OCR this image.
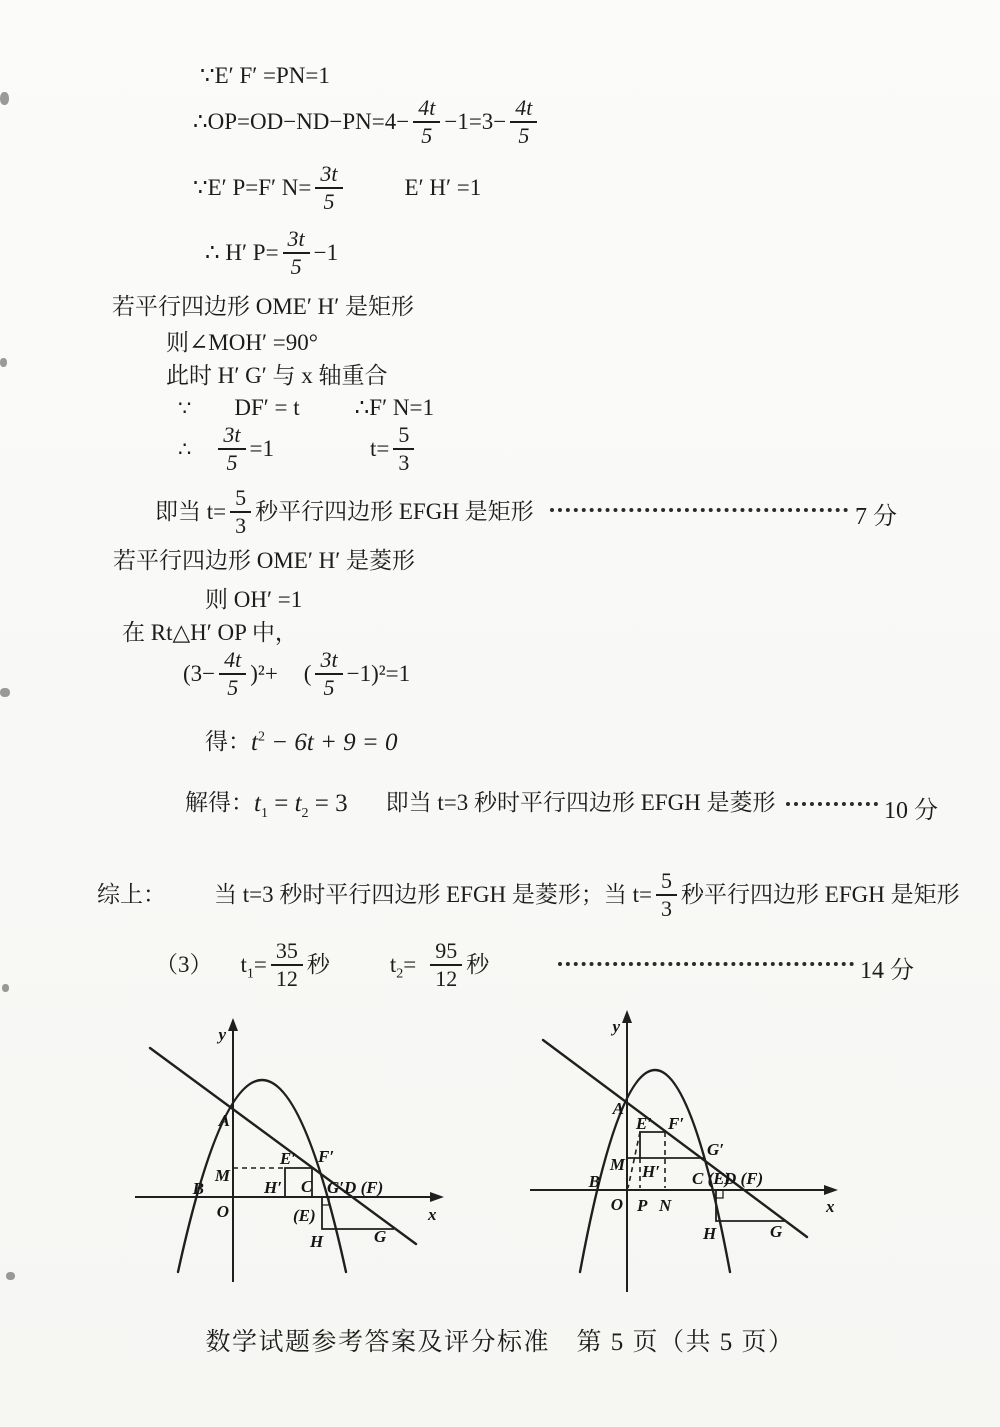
∵E′ F′ =PN=1
∴OP=OD−ND−PN=4− $\frac{4t}{5} -1=3- \frac{4t}{5}$
∵E′ P=F′ $N= \frac{3t}{5}$	E′ H′ =1
∴ H′ $P= \frac{3t}{5} -1$
若平行四边形 OME′ H′ 是矩形
则∠MOH′ =90°
此时 H′ G′ 与 x 轴重合
∵ DF′ = t ∴F′ N=1
∴ $\frac{3t}{5} =1$	$t= \frac{5}{3}$
即当 $t= \frac{5}{3}$ 秒平行四边形 EFGH 是矩形	7 分
若平行四边形 OME′ H′ 是菱形
则 OH′ =1
在 Rt△H′ OP 中，
$(3- \frac{4t}{5} )^2+$ ( $\frac{3t}{5} -1)^2=1$
得： $t^2 - 6t + 9 = 0$
解得： $t_1 = t_2 = 3$ 即当 t=3 秒时平行四边形 EFGH 是菱形	10 分
综上： 当 t=3 秒时平行四边形 EFGH 是菱形；当 $t= \frac{5}{3}$ 秒平行四边形 EFGH 是矩形
（3） $t_1= \frac{35}{12}$ 秒	$t_2= \frac{95}{12}$ 秒	14 分
y
x
A
B
O
M
E′ F′
H′ C G′D (F)
(E)
H	G
y
x
A
B
O
M
E′ F′
H′
G′
C (E)
D (F)
P N
H	G
数学试题参考答案及评分标准　第 5 页（共 5 页）
